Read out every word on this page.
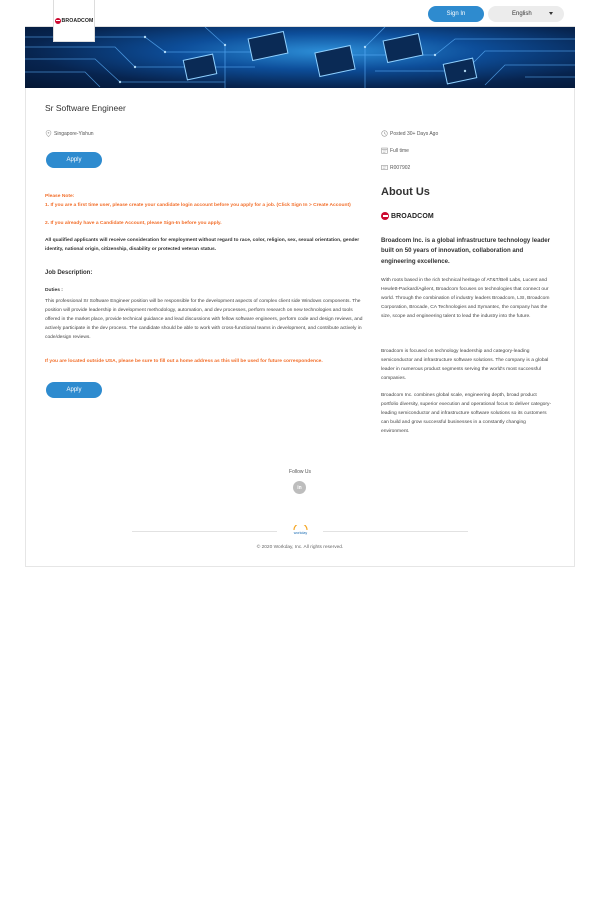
BROADCOM
Sign In	English
Sr Software Engineer
Singapore-Yishun
Apply
Posted 30+ Days Ago
Full time
R007902
Please Note:
1. If you are a first time user, please create your candidate login account before you apply for a job. (Click Sign In > Create Account)
2. If you already have a Candidate Account, please Sign-In before you apply.
All qualified applicants will receive consideration for employment without regard to race, color, religion, sex, sexual orientation, gender identity, national origin, citizenship, disability or protected veteran status.
Job Description:
Duties :
This professional Sr Software Engineer position will be responsible for the development aspects of complex client side Windows components. The position will provide leadership in development methodology, automation, and dev processes, perform research on new technologies and tools offered in the market place, provide technical guidance and lead discussions with fellow software engineers, perform code and design reviews, and actively participate in the dev process. The candidate should be able to work with cross-functional teams in development, and contribute actively in code/design reviews.
If you are located outside USA, please be sure to fill out a home address as this will be used for future correspondence.
Apply
About Us
BROADCOM
Broadcom Inc. is a global infrastructure technology leader built on 50 years of innovation, collaboration and engineering excellence.
With roots based in the rich technical heritage of AT&T/Bell Labs, Lucent and Hewlett-Packard/Agilent, Broadcom focuses on technologies that connect our world. Through the combination of industry leaders Broadcom, LSI, Broadcom Corporation, Brocade, CA Technologies and Symantec, the company has the size, scope and engineering talent to lead the industry into the future.
Broadcom is focused on technology leadership and category-leading semiconductor and infrastructure software solutions. The company is a global leader in numerous product segments serving the world's most successful companies.
Broadcom Inc. combines global scale, engineering depth, broad product portfolio diversity, superior execution and operational focus to deliver category-leading semiconductor and infrastructure software solutions so its customers can build and grow successful businesses in a constantly changing environment.
Follow Us
in
workday
© 2020 Workday, Inc. All rights reserved.
